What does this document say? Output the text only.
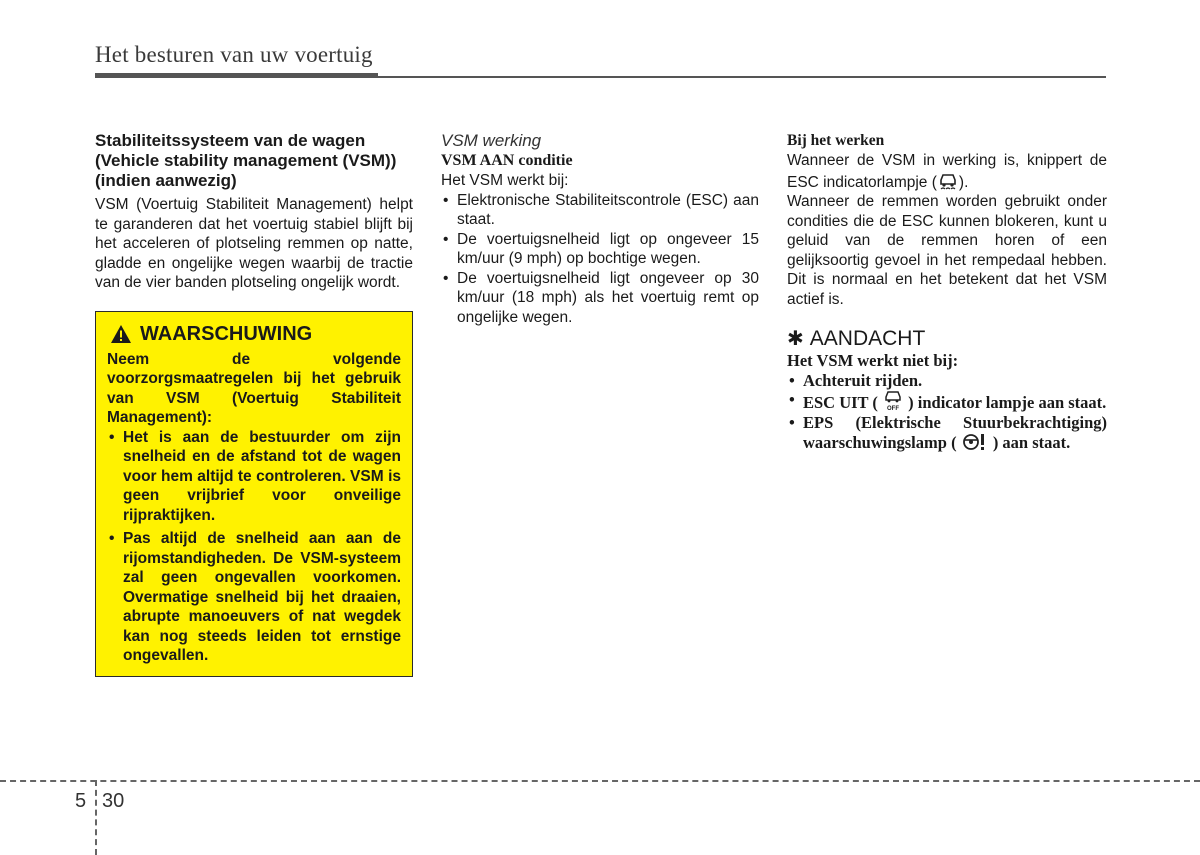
Het besturen van uw voertuig
Stabiliteitssysteem van de wagen (Vehicle stability management (VSM)) (indien aanwezig)

VSM (Voertuig Stabiliteit Management) helpt te garanderen dat het voertuig stabiel blijft bij het acceleren of plotseling remmen op natte, gladde en ongelijke wegen waarbij de tractie van de vier banden plotseling ongelijk wordt.

WAARSCHUWING

Neem de volgende voorzorgsmaatregelen bij het gebruik van VSM (Voertuig Stabiliteit Management):

• Het is aan de bestuurder om zijn snelheid en de afstand tot de wagen voor hem altijd te controleren. VSM is geen vrijbrief voor onveilige rijpraktijken.
• Pas altijd de snelheid aan aan de rijomstandigheden. De VSM-systeem zal geen ongevallen voorkomen. Overmatige snelheid bij het draaien, abrupte manoeuvers of nat wegdek kan nog steeds leiden tot ernstige ongevallen.
VSM werking
VSM AAN conditie
Het VSM werkt bij:
• Elektronische Stabiliteitscontrole (ESC) aan staat.
• De voertuigsnelheid ligt op ongeveer 15 km/uur (9 mph) op bochtige wegen.
• De voertuigsnelheid ligt ongeveer op 30 km/uur (18 mph) als het voertuig remt op ongelijke wegen.
Bij het werken

Wanneer de VSM in werking is, knippert de ESC indicatorlampje ( ).

Wanneer de remmen worden gebruikt onder condities die de ESC kunnen blokeren, kunt u geluid van de remmen horen of een gelijksoortig gevoel in het rempedaal hebben. Dit is normaal en het betekent dat het VSM actief is.

✱ AANDACHT
Het VSM werkt niet bij:
• Achteruit rijden.
• ESC UIT ( OFF ) indicator lampje aan staat.
• EPS (Elektrische Stuurbekrachtiging) waarschuwingslamp ( ) aan staat.
5 30
